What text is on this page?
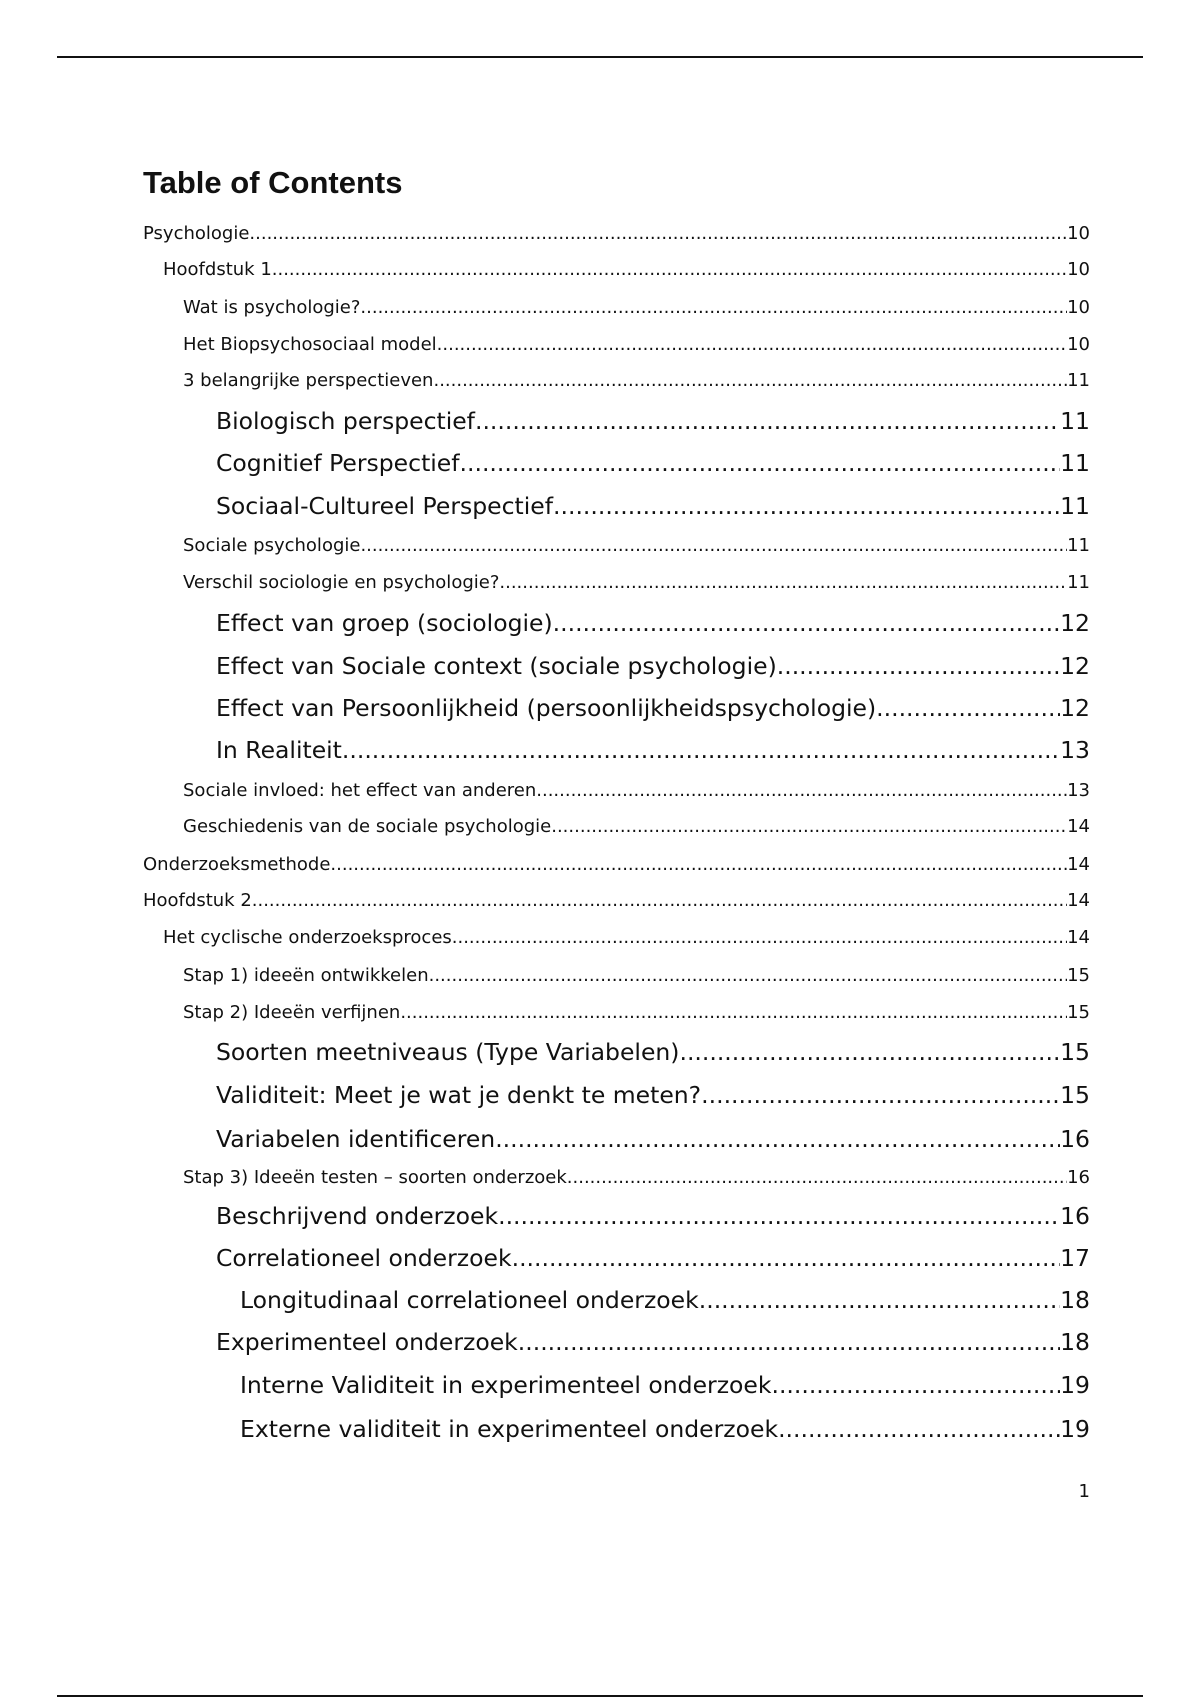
Table of Contents
Psychologie .....	10
Hoofdstuk 1 .....	10
Wat is psychologie? .....	10
Het Biopsychosociaal model .....	10
3 belangrijke perspectieven .....	11
Biologisch perspectief .....	11
Cognitief Perspectief .....	11
Sociaal-Cultureel Perspectief .....	11
Sociale psychologie .....	11
Verschil sociologie en psychologie? .....	11
Effect van groep (sociologie) .....	12
Effect van Sociale context (sociale psychologie) .....	12
Effect van Persoonlijkheid (persoonlijkheidspsychologie) .....	12
In Realiteit .....	13
Sociale invloed: het effect van anderen .....	13
Geschiedenis van de sociale psychologie .....	14
Onderzoeksmethode .....	14
Hoofdstuk 2 .....	14
Het cyclische onderzoeksproces .....	14
Stap 1) ideeën ontwikkelen .....	15
Stap 2) Ideeën verfijnen .....	15
Soorten meetniveaus (Type Variabelen) .....	15
Validiteit: Meet je wat je denkt te meten? .....	15
Variabelen identificeren .....	16
Stap 3) Ideeën testen – soorten onderzoek .....	16
Beschrijvend onderzoek .....	16
Correlationeel onderzoek .....	17
Longitudinaal correlationeel onderzoek .....	18
Experimenteel onderzoek .....	18
Interne Validiteit in experimenteel onderzoek .....	19
Externe validiteit in experimenteel onderzoek .....	19
1
